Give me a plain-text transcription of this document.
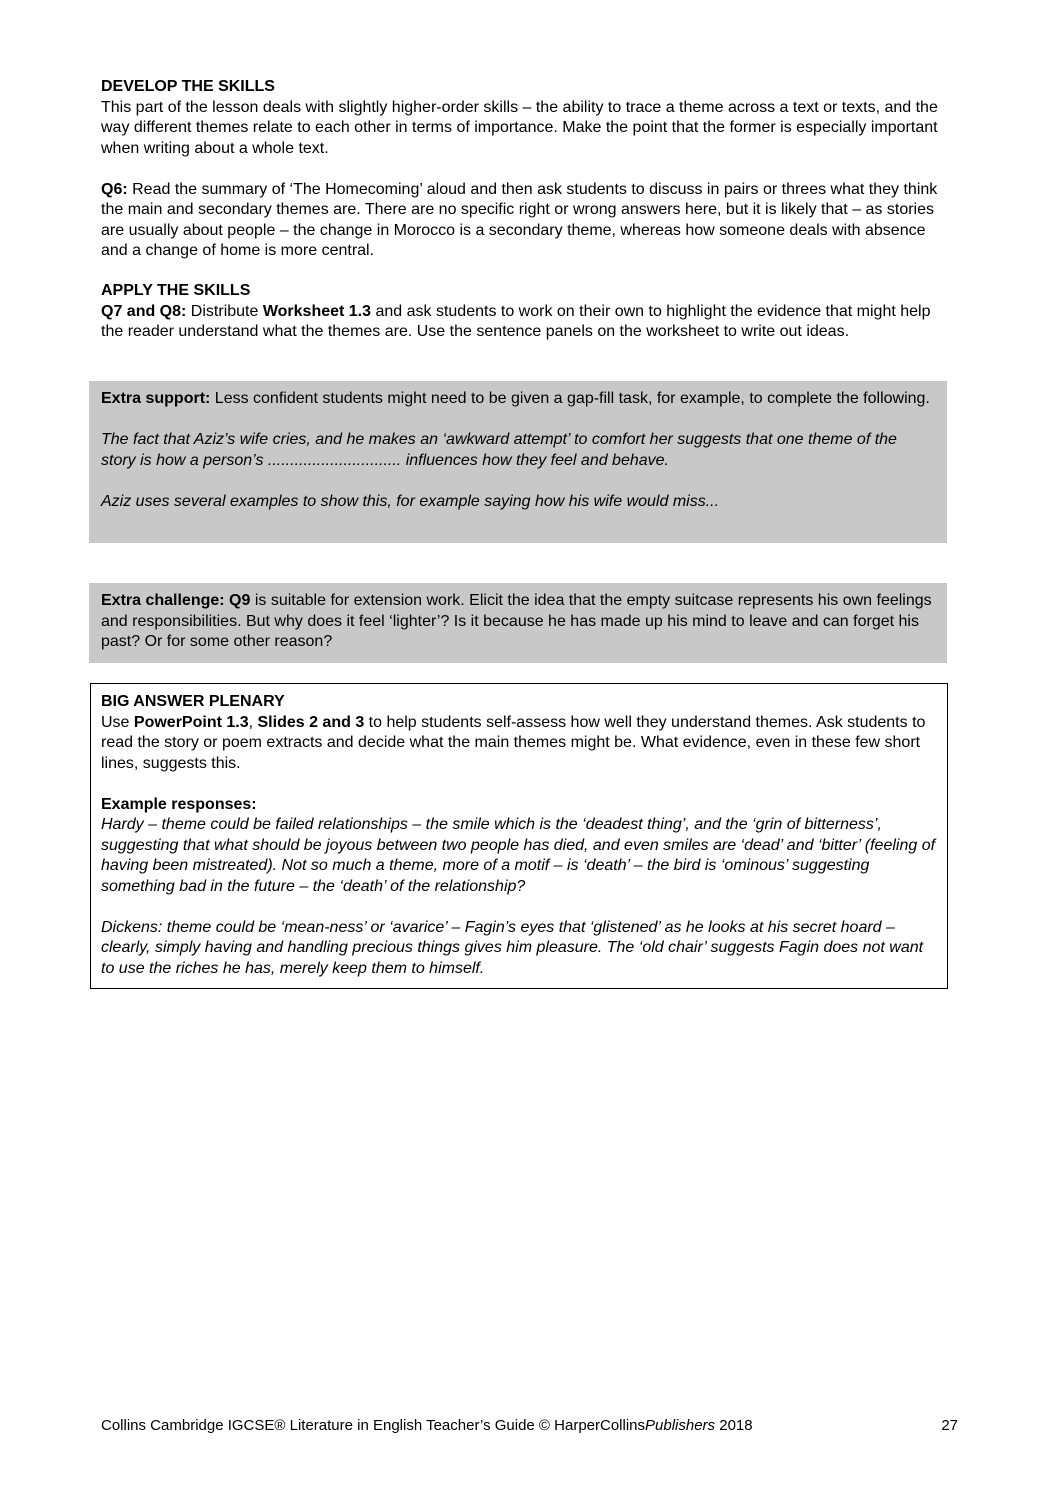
DEVELOP THE SKILLS

This part of the lesson deals with slightly higher-order skills – the ability to trace a theme across a text or texts, and the way different themes relate to each other in terms of importance. Make the point that the former is especially important when writing about a whole text.

Q6: Read the summary of ‘The Homecoming’ aloud and then ask students to discuss in pairs or threes what they think the main and secondary themes are. There are no specific right or wrong answers here, but it is likely that – as stories are usually about people – the change in Morocco is a secondary theme, whereas how someone deals with absence and a change of home is more central.

APPLY THE SKILLS

Q7 and Q8: Distribute Worksheet 1.3 and ask students to work on their own to highlight the evidence that might help the reader understand what the themes are. Use the sentence panels on the worksheet to write out ideas.

Extra support: Less confident students might need to be given a gap-fill task, for example, to complete the following.

The fact that Aziz’s wife cries, and he makes an ‘awkward attempt’ to comfort her suggests that one theme of the story is how a person’s .............................. influences how they feel and behave.

Aziz uses several examples to show this, for example saying how his wife would miss...

Extra challenge: Q9 is suitable for extension work. Elicit the idea that the empty suitcase represents his own feelings and responsibilities. But why does it feel ‘lighter’? Is it because he has made up his mind to leave and can forget his past? Or for some other reason?

BIG ANSWER PLENARY

Use PowerPoint 1.3, Slides 2 and 3 to help students self-assess how well they understand themes. Ask students to read the story or poem extracts and decide what the main themes might be. What evidence, even in these few short lines, suggests this.

Example responses:

Hardy – theme could be failed relationships – the smile which is the ‘deadest thing’, and the ‘grin of bitterness’, suggesting that what should be joyous between two people has died, and even smiles are ‘dead’ and ‘bitter’ (feeling of having been mistreated). Not so much a theme, more of a motif – is ‘death’ – the bird is ‘ominous’ suggesting something bad in the future – the ‘death’ of the relationship?

Dickens: theme could be ‘mean-ness’ or ‘avarice’ – Fagin’s eyes that ‘glistened’ as he looks at his secret hoard – clearly, simply having and handling precious things gives him pleasure. The ‘old chair’ suggests Fagin does not want to use the riches he has, merely keep them to himself.

Collins Cambridge IGCSE® Literature in English Teacher’s Guide © HarperCollinsPublishers 2018	27
